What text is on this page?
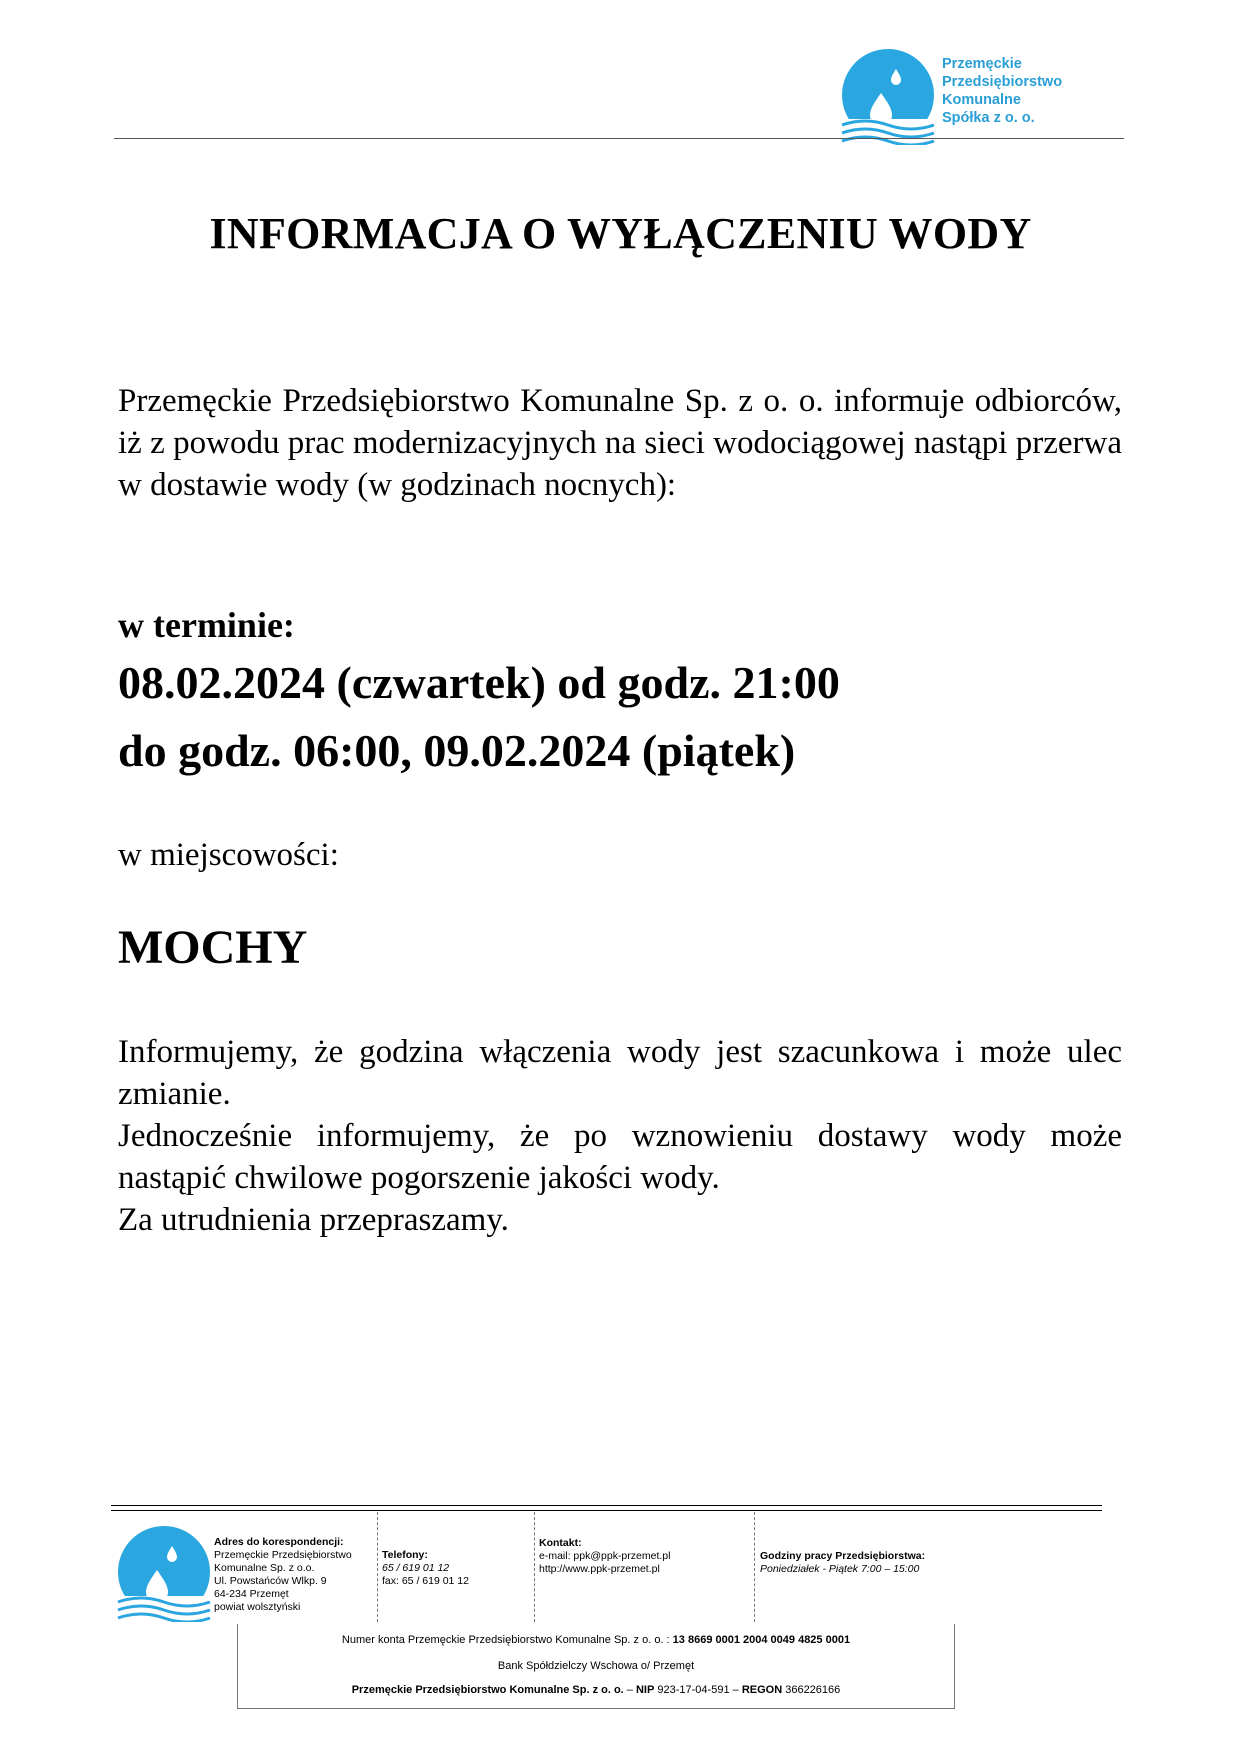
Przemęckie
Przedsiębiorstwo
Komunalne
Spółka z o. o.
INFORMACJA O WYŁĄCZENIU WODY
Przemęckie Przedsiębiorstwo Komunalne Sp. z o. o. informuje odbiorców, iż z powodu prac modernizacyjnych na sieci wodociągowej nastąpi przerwa w dostawie wody (w godzinach nocnych):
w terminie:
08.02.2024 (czwartek) od godz. 21:00
do godz. 06:00, 09.02.2024 (piątek)
w miejscowości:
MOCHY

Informujemy, że godzina włączenia wody jest szacunkowa i może ulec zmianie.

Jednocześnie informujemy, że po wznowieniu dostawy wody może nastąpić chwilowe pogorszenie jakości wody.

Za utrudnienia przepraszamy.

Adres do korespondencji:
Przemęckie Przedsiębiorstwo
Komunalne Sp. z o.o.
Ul. Powstańców Wlkp. 9
64-234 Przemęt
powiat wolsztyński
Telefony:
65 / 619 01 12
fax: 65 / 619 01 12
Kontakt:
e-mail: ppk@ppk-przemet.pl
http://www.ppk-przemet.pl
Godziny pracy Przedsiębiorstwa:
Poniedziałek - Piątek 7:00 – 15:00
Numer konta Przemęckie Przedsiębiorstwo Komunalne Sp. z o. o. : 13 8669 0001 2004 0049 4825 0001
Bank Spółdzielczy Wschowa o/ Przemęt
Przemęckie Przedsiębiorstwo Komunalne Sp. z o. o. – NIP 923-17-04-591 – REGON 366226166
